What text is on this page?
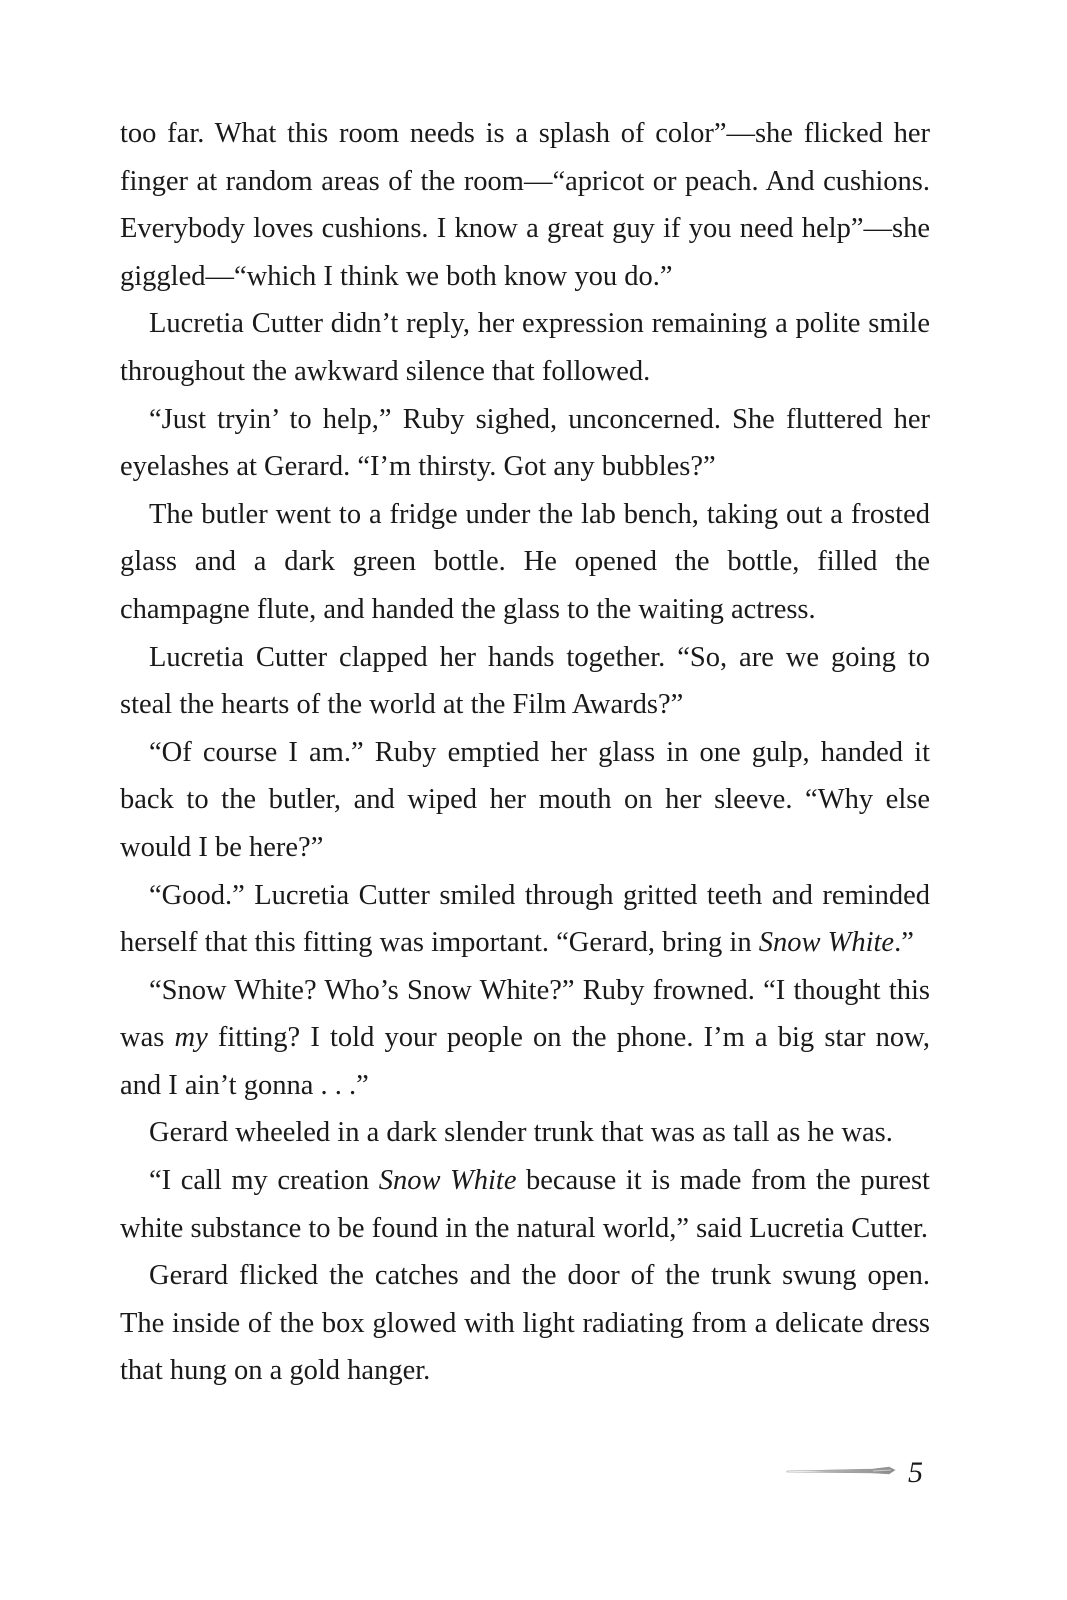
too far. What this room needs is a splash of color”—she flicked her finger at random areas of the room—“apricot or peach. And cushions. Everybody loves cushions. I know a great guy if you need help”—she giggled—“which I think we both know you do.”

Lucretia Cutter didn’t reply, her expression remaining a polite smile throughout the awkward silence that followed.

“Just tryin’ to help,” Ruby sighed, unconcerned. She fluttered her eyelashes at Gerard. “I’m thirsty. Got any bubbles?”

The butler went to a fridge under the lab bench, taking out a frosted glass and a dark green bottle. He opened the bottle, filled the champagne flute, and handed the glass to the waiting actress.

Lucretia Cutter clapped her hands together. “So, are we going to steal the hearts of the world at the Film Awards?”

“Of course I am.” Ruby emptied her glass in one gulp, handed it back to the butler, and wiped her mouth on her sleeve. “Why else would I be here?”

“Good.” Lucretia Cutter smiled through gritted teeth and reminded herself that this fitting was important. “Gerard, bring in Snow White.”

“Snow White? Who’s Snow White?” Ruby frowned. “I thought this was my fitting? I told your people on the phone. I’m a big star now, and I ain’t gonna . . .”

Gerard wheeled in a dark slender trunk that was as tall as he was.

“I call my creation Snow White because it is made from the purest white substance to be found in the natural world,” said Lucretia Cutter.

Gerard flicked the catches and the door of the trunk swung open. The inside of the box glowed with light radiating from a delicate dress that hung on a gold hanger.

5
